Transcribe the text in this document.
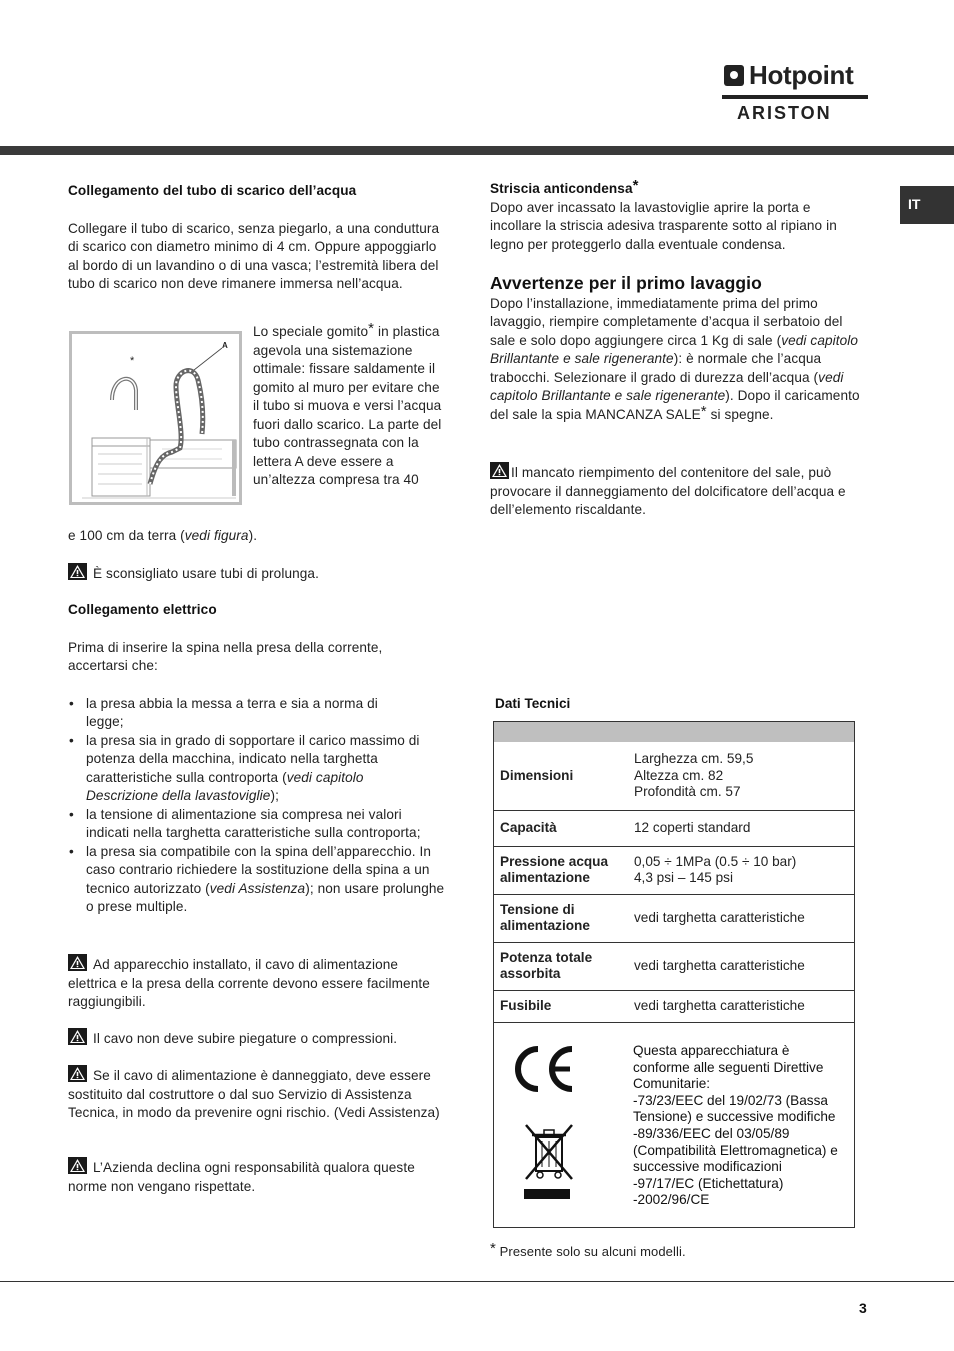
Hotpoint
ARISTON
IT

Collegamento del tubo di scarico dell’acqua

Collegare il tubo di scarico, senza piegarlo, a una conduttura di scarico con diametro minimo di 4 cm. Oppure appoggiarlo al bordo di un lavandino o di una vasca; l’estremità libera del tubo di scarico non deve rimanere immersa nell’acqua.

A
*
Lo speciale gomito* in plastica agevola una sistemazione ottimale: fissare saldamente il gomito al muro per evitare che il tubo si muova e versi l’acqua fuori dallo scarico. La parte del tubo contrassegnata con la lettera A deve essere a un’altezza compresa tra 40
e 100 cm da terra (vedi figura).
È sconsigliato usare tubi di prolunga.

Collegamento elettrico

Prima di inserire la spina nella presa della corrente, accertarsi che:

• la presa abbia la messa a terra e sia a norma di legge;
• la presa sia in grado di sopportare il carico massimo di potenza della macchina, indicato nella targhetta caratteristiche sulla controporta (vedi capitolo Descrizione della lavastoviglie);
• la tensione di alimentazione sia compresa nei valori indicati nella targhetta caratteristiche sulla controporta;
• la presa sia compatibile con la spina dell’apparecchio. In caso contrario richiedere la sostituzione della spina a un tecnico autorizzato (vedi Assistenza); non usare prolunghe o prese multiple.
Ad apparecchio installato, il cavo di alimentazione elettrica e la presa della corrente devono essere facilmente raggiungibili.
Il cavo non deve subire piegature o compressioni.
Se il cavo di alimentazione è danneggiato, deve essere sostituito dal costruttore o dal suo Servizio di Assistenza Tecnica, in modo da prevenire ogni rischio. (Vedi Assistenza)
L’Azienda declina ogni responsabilità qualora queste norme non vengano rispettate.

Striscia anticondensa*

Dopo aver incassato la lavastoviglie aprire la porta e incollare la striscia adesiva trasparente sotto al ripiano in legno per proteggerlo dalla eventuale condensa.

Avvertenze per il primo lavaggio

Dopo l’installazione, immediatamente prima del primo lavaggio, riempire completamente d’acqua il serbatoio del sale e solo dopo aggiungere circa 1 Kg di sale (vedi capitolo Brillantante e sale rigenerante): è normale che l’acqua trabocchi. Selezionare il grado di durezza dell’acqua (vedi capitolo Brillantante e sale rigenerante). Dopo il caricamento del sale la spia MANCANZA SALE* si spegne.

Il mancato riempimento del contenitore del sale, può provocare il danneggiamento del dolcificatore dell’acqua e dell’elemento riscaldante.
Dati Tecnici
Dimensioni	Larghezza cm. 59,5
Altezza cm. 82
Profondità cm. 57
Capacità	12 coperti standard
Pressione acqua alimentazione	0,05 ÷ 1MPa (0.5 ÷ 10 bar)
4,3 psi – 145 psi
Tensione di alimentazione	vedi targhetta caratteristiche
Potenza totale assorbita	vedi targhetta caratteristiche
Fusibile	vedi targhetta caratteristiche
Questa apparecchiatura è conforme alle seguenti Direttive Comunitarie:
-73/23/EEC del 19/02/73 (Bassa Tensione) e successive modifiche
-89/336/EEC del 03/05/89 (Compatibilità Elettromagnetica) e successive modificazioni
-97/17/EC (Etichettatura)
-2002/96/CE
* Presente solo su alcuni modelli.
3
